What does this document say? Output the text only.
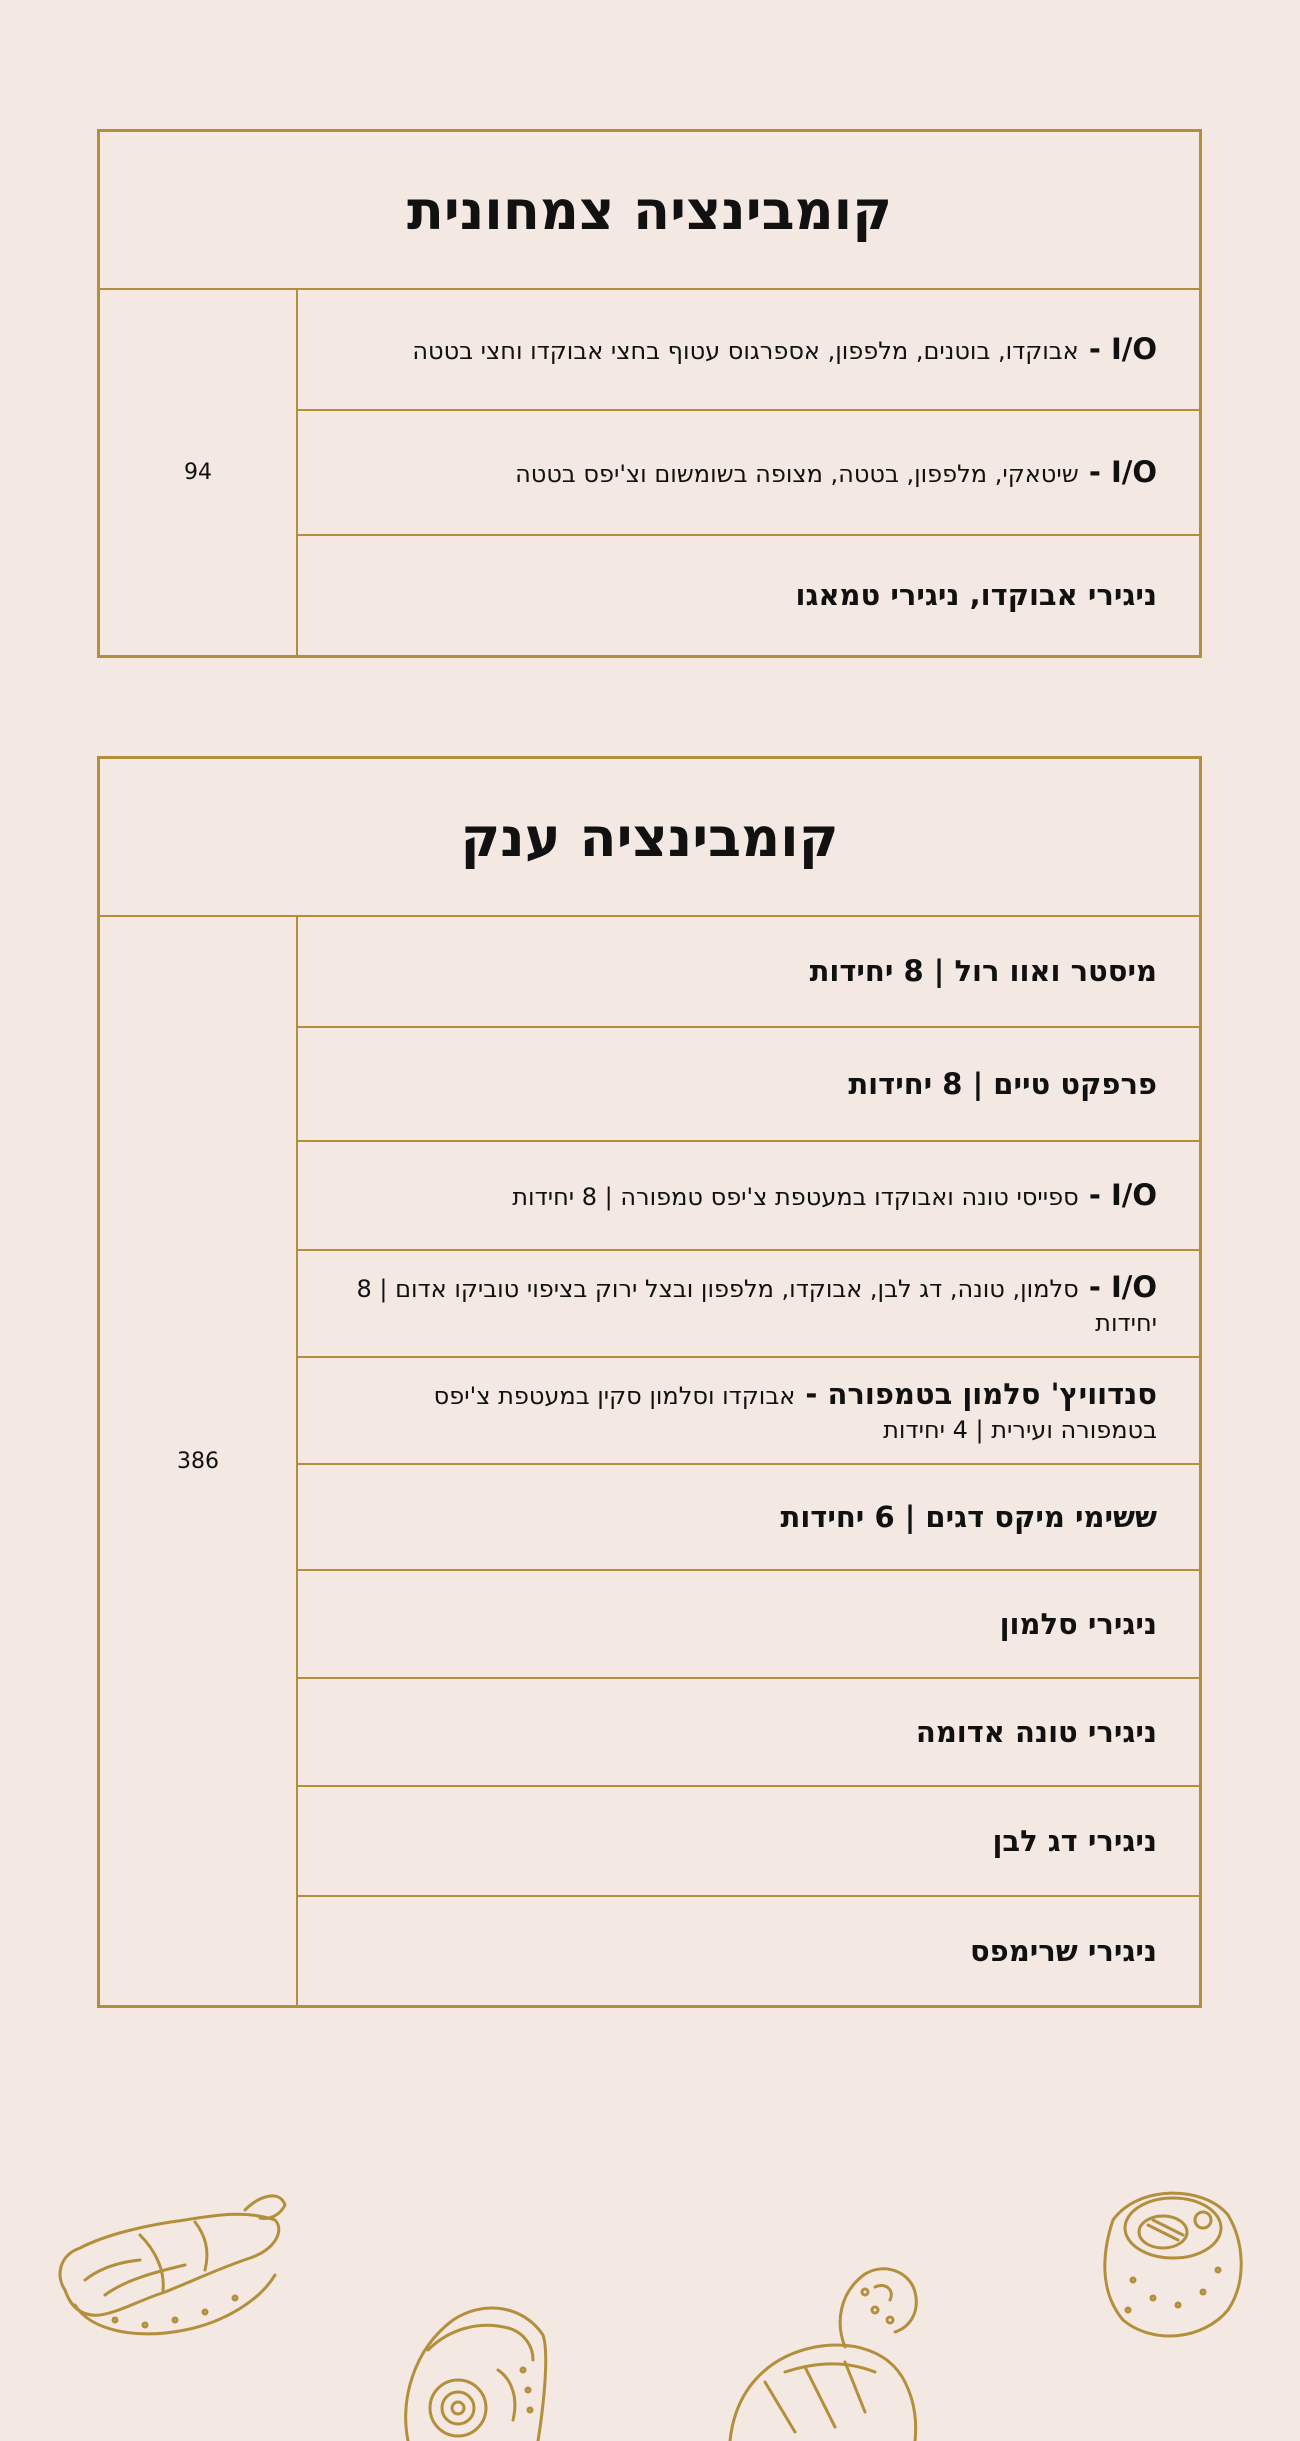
קומבינציה צמחונית
I/O - אבוקדו, בוטנים, מלפפון, אספרגוס עטוף בחצי אבוקדו וחצי בטטה
I/O - שיטאקי, מלפפון, בטטה, מצופה בשומשום וצ'יפס בטטה
ניגירי אבוקדו, ניגירי טמאגו
94
קומבינציה ענק
מיסטר ואוו רול | 8 יחידות
פרפקט טיים | 8 יחידות
I/O - ספייסי טונה ואבוקדו במעטפת צ'יפס טמפורה | 8 יחידות
I/O - סלמון, טונה, דג לבן, אבוקדו, מלפפון ובצל ירוק בציפוי טוביקו אדום | 8 יחידות
סנדוויץ' סלמון בטמפורה - אבוקדו וסלמון סקין במעטפת צ'יפס בטמפורה ועירית | 4 יחידות
ששימי מיקס דגים | 6 יחידות
ניגירי סלמון
ניגירי טונה אדומה
ניגירי דג לבן
ניגירי שרימפס
386
